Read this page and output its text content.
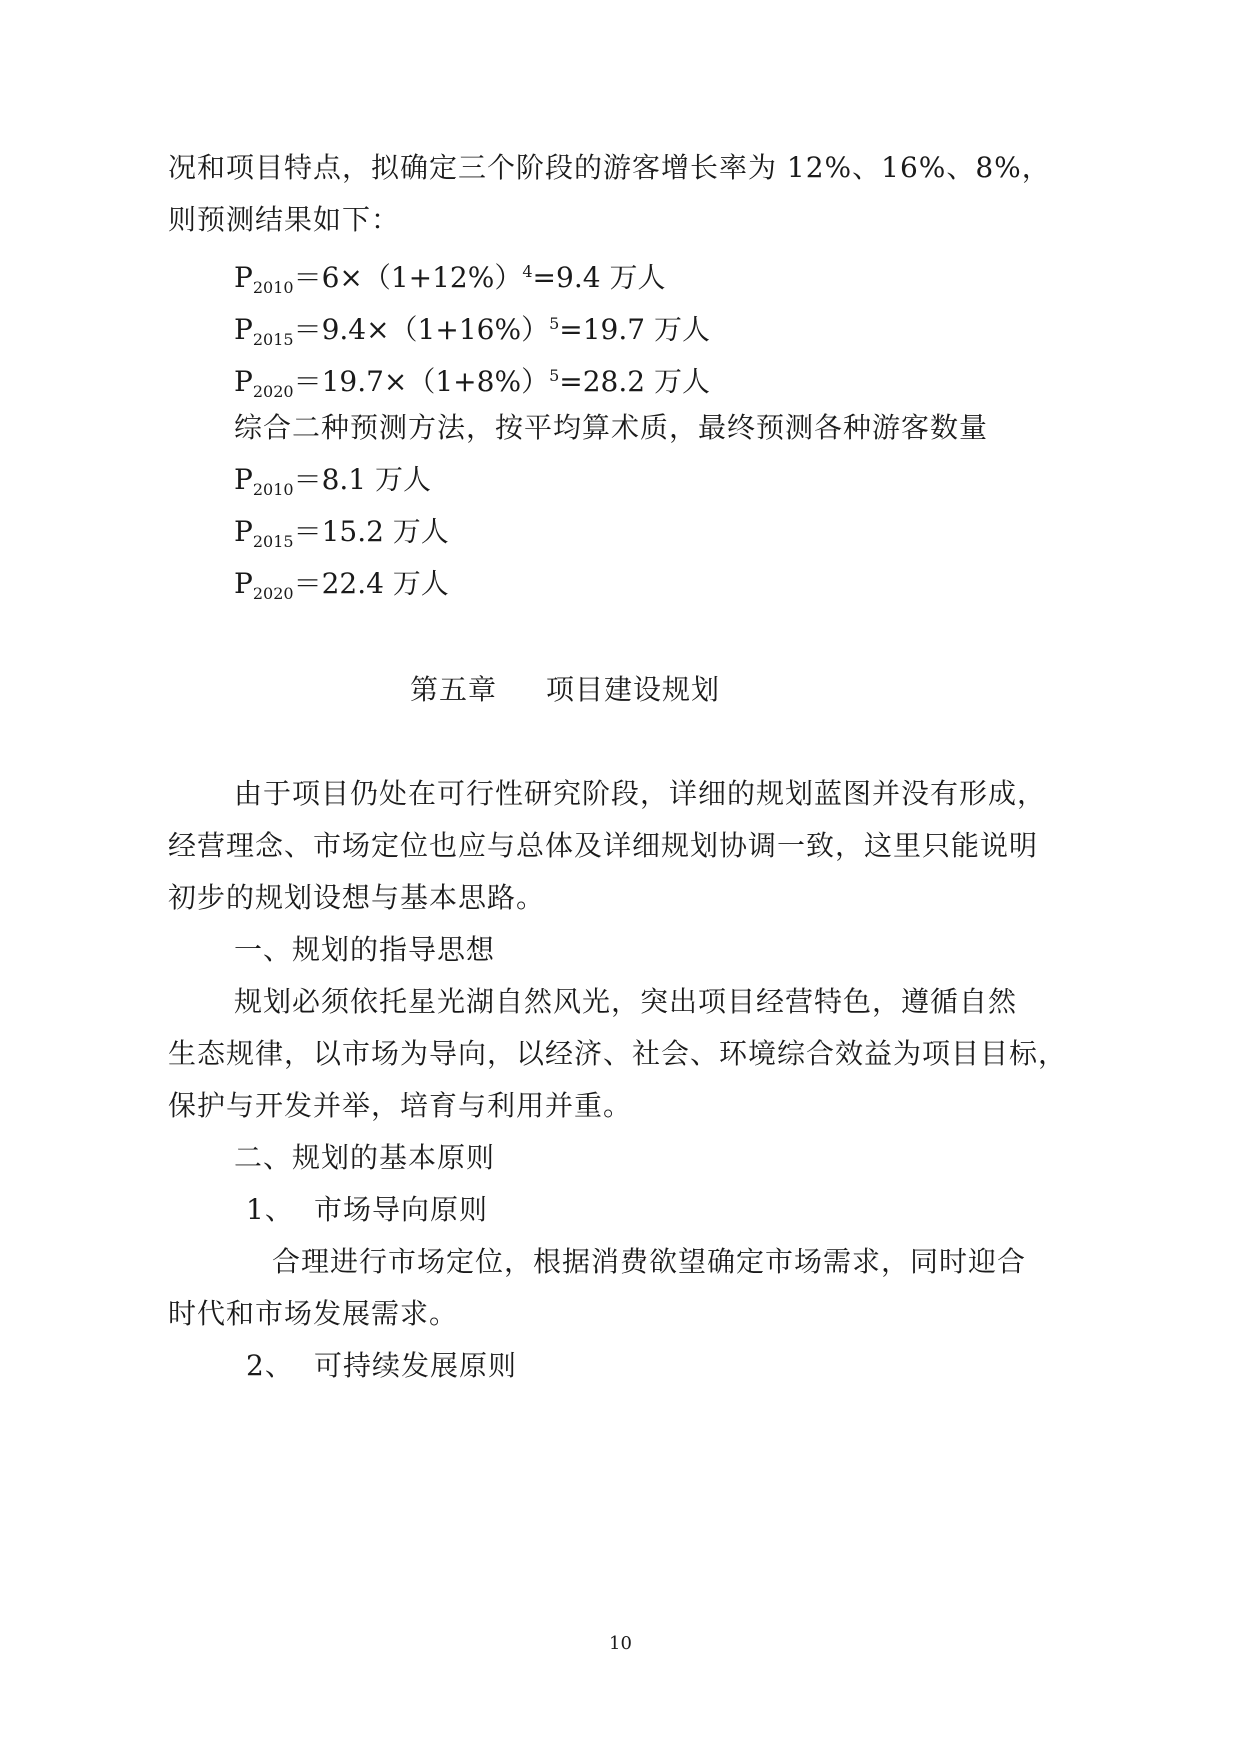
况和项目特点，拟确定三个阶段的游客增长率为 12%、16%、8%，
则预测结果如下：
$P_{2010}=6\times(1+12\%)^4=9.4$ 万人
$P_{2015}=9.4\times(1+16\%)^5=19.7$ 万人
$P_{2020}=19.7\times(1+8\%)^5=28.2$ 万人
综合二种预测方法，按平均算术质，最终预测各种游客数量
$P_{2010}=8.1$ 万人
$P_{2015}=15.2$ 万人
$P_{2020}=22.4$ 万人
第五章 项目建设规划
由于项目仍处在可行性研究阶段，详细的规划蓝图并没有形成，
经营理念、市场定位也应与总体及详细规划协调一致，这里只能说明
初步的规划设想与基本思路。
一、规划的指导思想
规划必须依托星光湖自然风光，突出项目经营特色，遵循自然
生态规律，以市场为导向，以经济、社会、环境综合效益为项目目标，
保护与开发并举，培育与利用并重。
二、规划的基本原则
1、 市场导向原则
合理进行市场定位，根据消费欲望确定市场需求，同时迎合
时代和市场发展需求。
2、 可持续发展原则
10
